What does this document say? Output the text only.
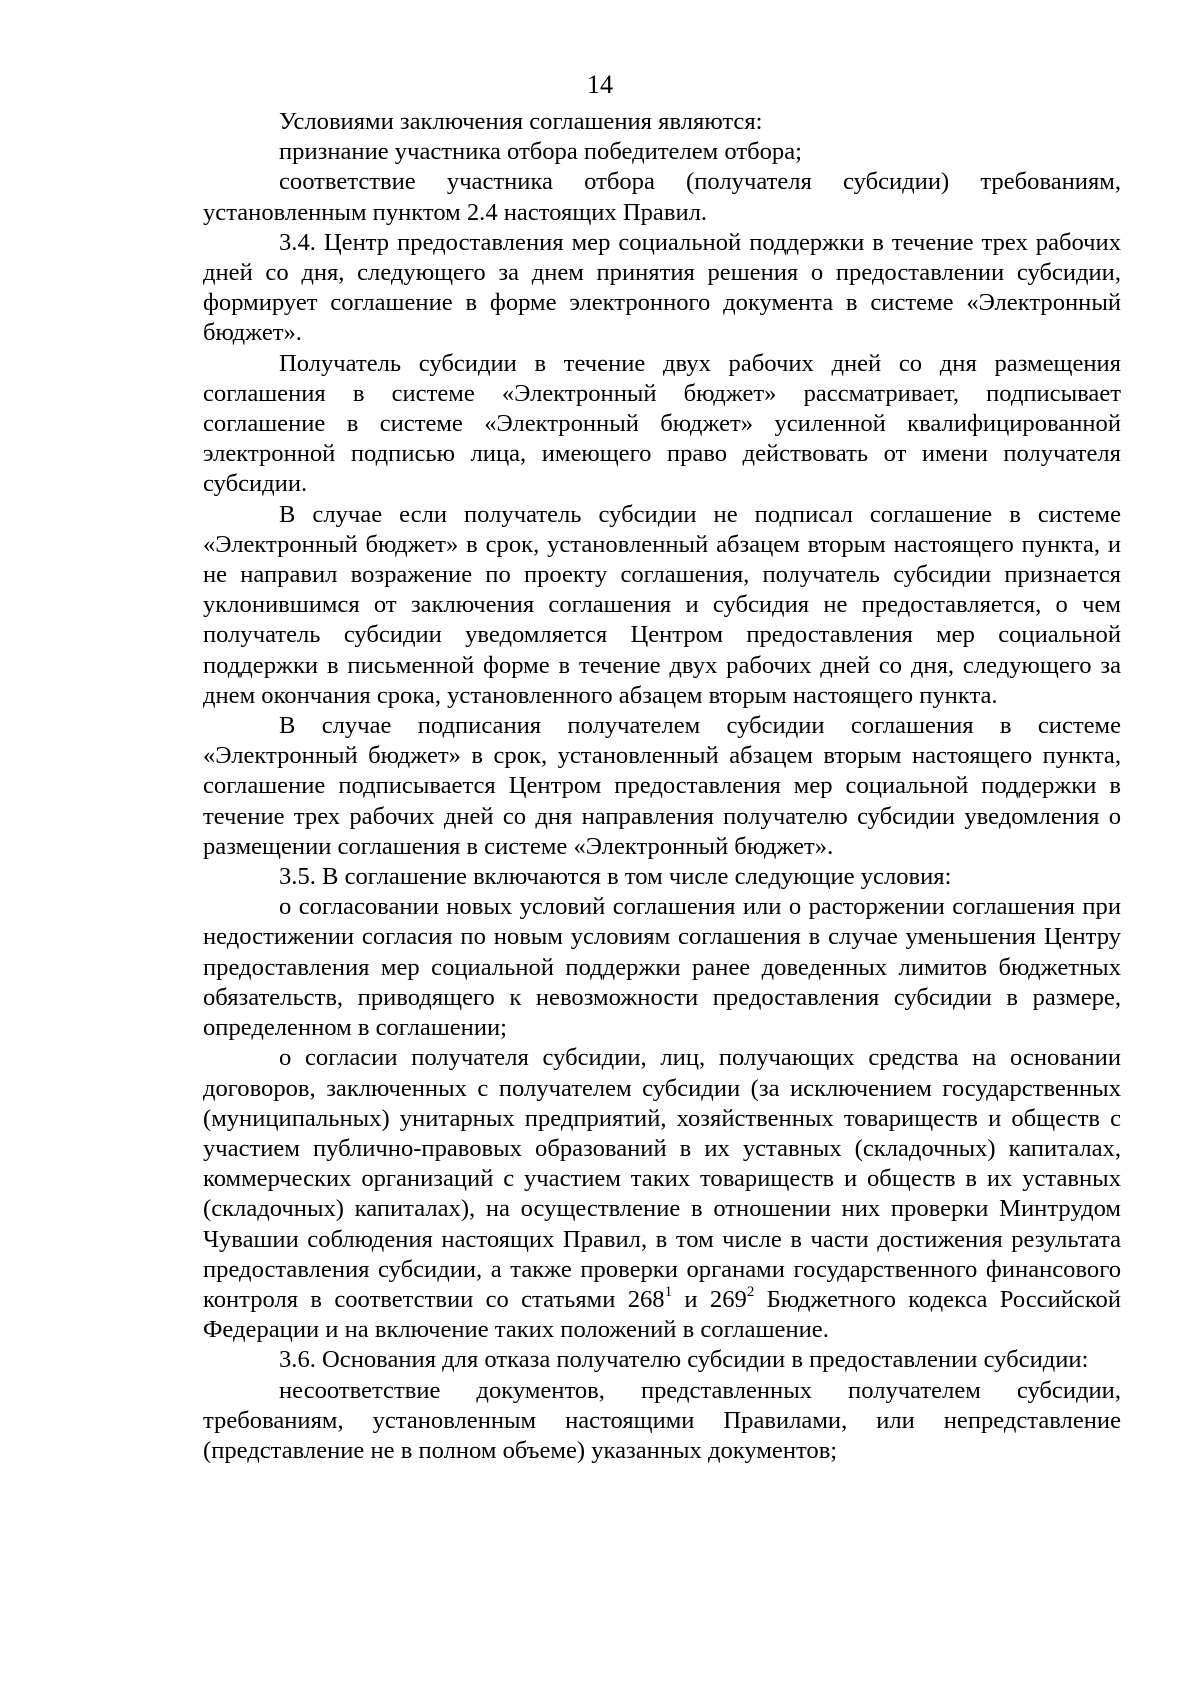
14

Условиями заключения соглашения являются:

признание участника отбора победителем отбора;

соответствие участника отбора (получателя субсидии) требованиям, установленным пунктом 2.4 настоящих Правил.

3.4. Центр предоставления мер социальной поддержки в течение трех рабочих дней со дня, следующего за днем принятия решения о предоставлении субсидии, формирует соглашение в форме электронного документа в системе «Электронный бюджет».

Получатель субсидии в течение двух рабочих дней со дня размещения соглашения в системе «Электронный бюджет» рассматривает, подписывает соглашение в системе «Электронный бюджет» усиленной квалифицированной электронной подписью лица, имеющего право действовать от имени получателя субсидии.

В случае если получатель субсидии не подписал соглашение в системе «Электронный бюджет» в срок, установленный абзацем вторым настоящего пункта, и не направил возражение по проекту соглашения, получатель субсидии признается уклонившимся от заключения соглашения и субсидия не предоставляется, о чем получатель субсидии уведомляется Центром предоставления мер социальной поддержки в письменной форме в течение двух рабочих дней со дня, следующего за днем окончания срока, установленного абзацем вторым настоящего пункта.

В случае подписания получателем субсидии соглашения в системе «Электронный бюджет» в срок, установленный абзацем вторым настоящего пункта, соглашение подписывается Центром предоставления мер социальной поддержки в течение трех рабочих дней со дня направления получателю субсидии уведомления о размещении соглашения в системе «Электронный бюджет».

3.5. В соглашение включаются в том числе следующие условия:

о согласовании новых условий соглашения или о расторжении соглашения при недостижении согласия по новым условиям соглашения в случае уменьшения Центру предоставления мер социальной поддержки ранее доведенных лимитов бюджетных обязательств, приводящего к невозможности предоставления субсидии в размере, определенном в соглашении;

о согласии получателя субсидии, лиц, получающих средства на основании договоров, заключенных с получателем субсидии (за исключением государственных (муниципальных) унитарных предприятий, хозяйственных товариществ и обществ с участием публично-правовых образований в их уставных (складочных) капиталах, коммерческих организаций с участием таких товариществ и обществ в их уставных (складочных) капиталах), на осуществление в отношении них проверки Минтрудом Чувашии соблюдения настоящих Правил, в том числе в части достижения результата предоставления субсидии, а также проверки органами государственного финансового контроля в соответствии со статьями $268^1$ и $269^2$ Бюджетного кодекса Российской Федерации и на включение таких положений в соглашение.

3.6. Основания для отказа получателю субсидии в предоставлении субсидии:

несоответствие документов, представленных получателем субсидии, требованиям, установленным настоящими Правилами, или непредставление (представление не в полном объеме) указанных документов;
